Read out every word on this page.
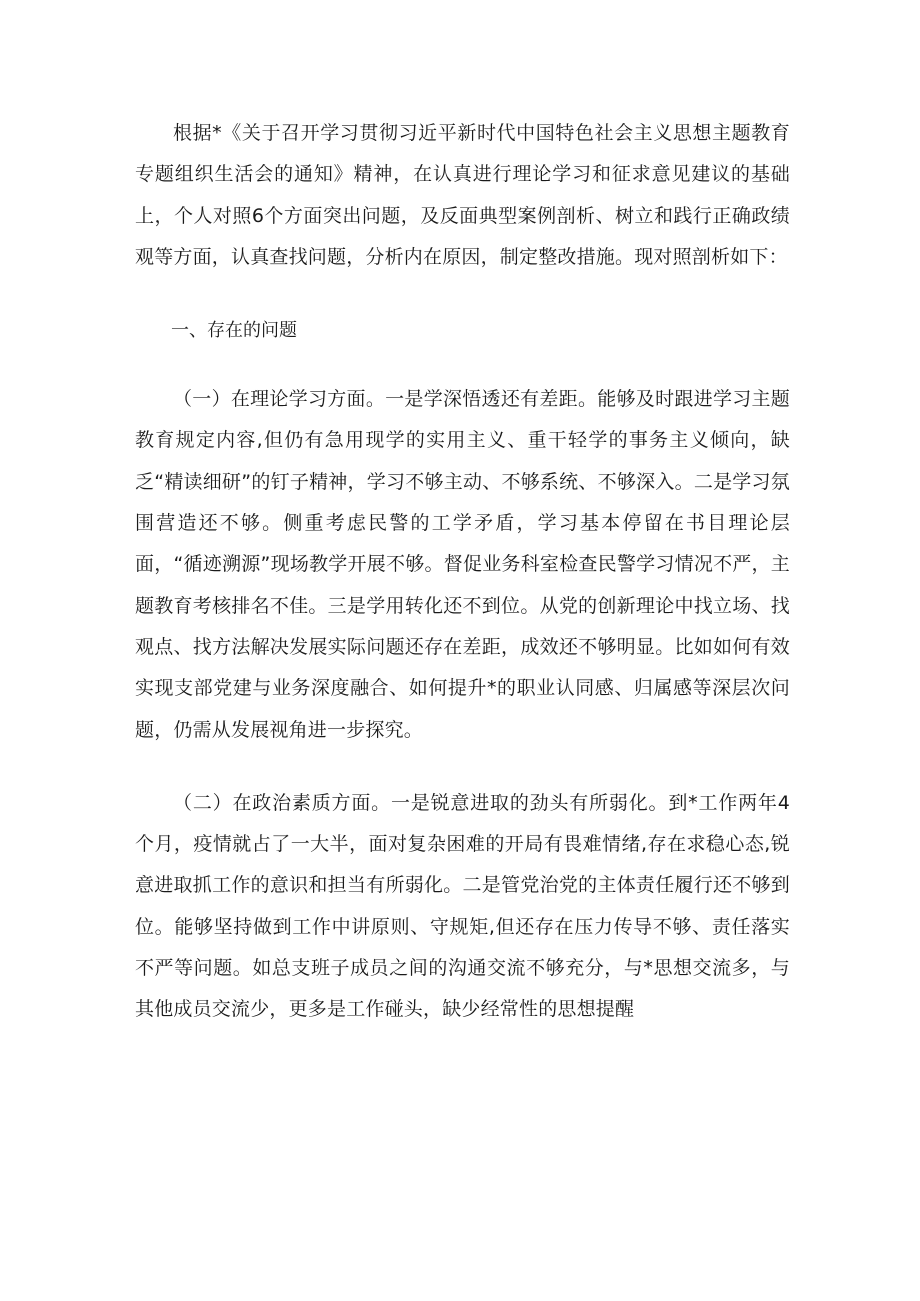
根据*《关于召开学习贯彻习近平新时代中国特色社会主义思想主题教育专题组织生活会的通知》精神，在认真进行理论学习和征求意见建议的基础上，个人对照6个方面突出问题，及反面典型案例剖析、树立和践行正确政绩观等方面，认真查找问题，分析内在原因，制定整改措施。现对照剖析如下：

一、存在的问题

（一）在理论学习方面。一是学深悟透还有差距。能够及时跟进学习主题教育规定内容,但仍有急用现学的实用主义、重干轻学的事务主义倾向，缺乏“精读细研”的钉子精神，学习不够主动、不够系统、不够深入。二是学习氛围营造还不够。侧重考虑民警的工学矛盾，学习基本停留在书目理论层面，“循迹溯源”现场教学开展不够。督促业务科室检查民警学习情况不严，主题教育考核排名不佳。三是学用转化还不到位。从党的创新理论中找立场、找观点、找方法解决发展实际问题还存在差距，成效还不够明显。比如如何有效实现支部党建与业务深度融合、如何提升*的职业认同感、归属感等深层次问题，仍需从发展视角进一步探究。

（二）在政治素质方面。一是锐意进取的劲头有所弱化。到*工作两年4个月，疫情就占了一大半，面对复杂困难的开局有畏难情绪,存在求稳心态,锐意进取抓工作的意识和担当有所弱化。二是管党治党的主体责任履行还不够到位。能够坚持做到工作中讲原则、守规矩,但还存在压力传导不够、责任落实不严等问题。如总支班子成员之间的沟通交流不够充分，与*思想交流多，与其他成员交流少，更多是工作碰头，缺少经常性的思想提醒
